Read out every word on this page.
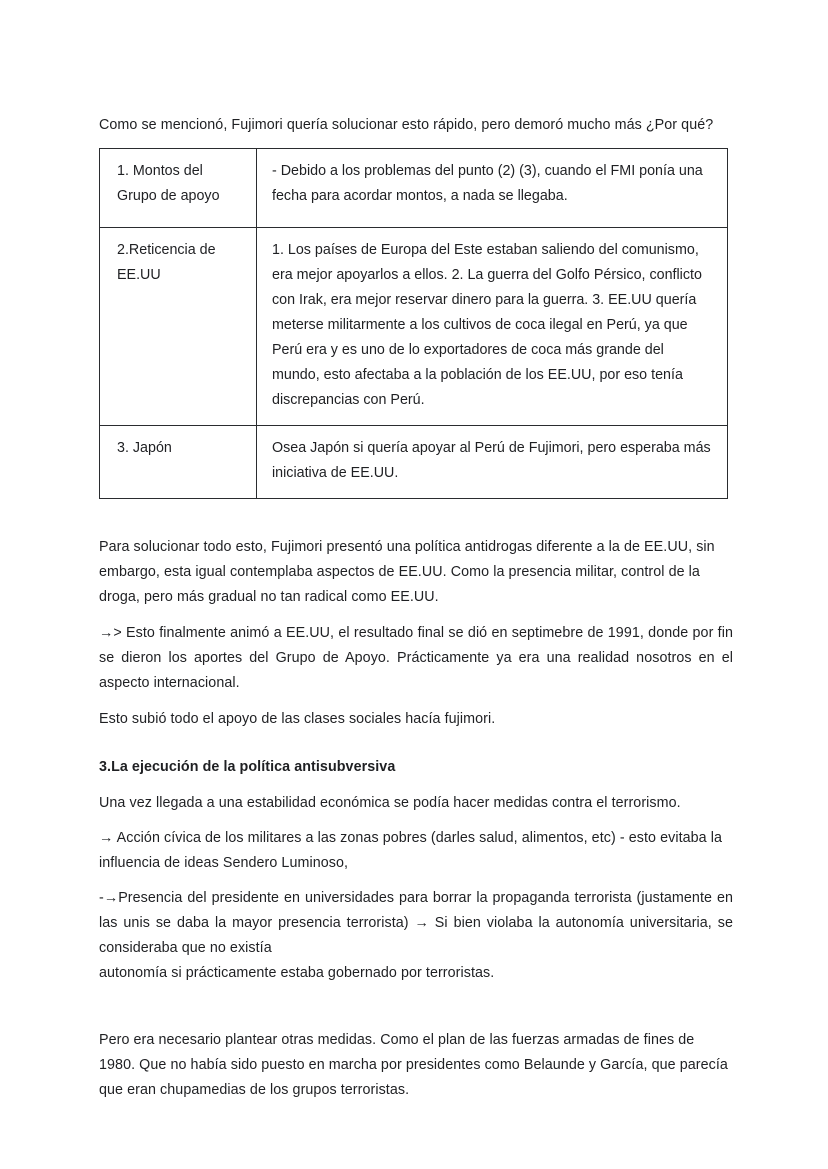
Como se mencionó, Fujimori quería solucionar esto rápido, pero demoró mucho más ¿Por qué?

1. Montos del Grupo de apoyo	- Debido a los problemas del punto (2) (3), cuando el FMI ponía una fecha para acordar montos, a nada se llegaba.
2.Reticencia de EE.UU	1. Los países de Europa del Este estaban saliendo del comunismo, era mejor apoyarlos a ellos. 2. La guerra del Golfo Pérsico, conflicto con Irak, era mejor reservar dinero para la guerra. 3. EE.UU quería meterse militarmente a los cultivos de coca ilegal en Perú, ya que Perú era y es uno de lo exportadores de coca más grande del mundo, esto afectaba a la población de los EE.UU, por eso tenía discrepancias con Perú.
3. Japón	Osea Japón si quería apoyar al Perú de Fujimori, pero esperaba más iniciativa de EE.UU.

Para solucionar todo esto, Fujimori presentó una política antidrogas diferente a la de EE.UU, sin embargo, esta igual contemplaba aspectos de EE.UU. Como la presencia militar, control de la droga, pero más gradual no tan radical como EE.UU.

→> Esto finalmente animó a EE.UU, el resultado final se dió en septimebre de 1991, donde por fin se dieron los aportes del Grupo de Apoyo. Prácticamente ya era una realidad nosotros en el aspecto internacional.

Esto subió todo el apoyo de las clases sociales hacía fujimori.

3.La ejecución de la política antisubversiva

Una vez llegada a una estabilidad económica se podía hacer medidas contra el terrorismo.

→ Acción cívica de los militares a las zonas pobres (darles salud, alimentos, etc) - esto evitaba la influencia de ideas Sendero Luminoso,

-→Presencia del presidente en universidades para borrar la propaganda terrorista (justamente en las unis se daba la mayor presencia terrorista) → Si bien violaba la autonomía universitaria, se consideraba que no existía

autonomía si prácticamente estaba gobernado por terroristas.

Pero era necesario plantear otras medidas. Como el plan de las fuerzas armadas de fines de 1980. Que no había sido puesto en marcha por presidentes como Belaunde y García, que parecía que eran chupamedias de los grupos terroristas.
